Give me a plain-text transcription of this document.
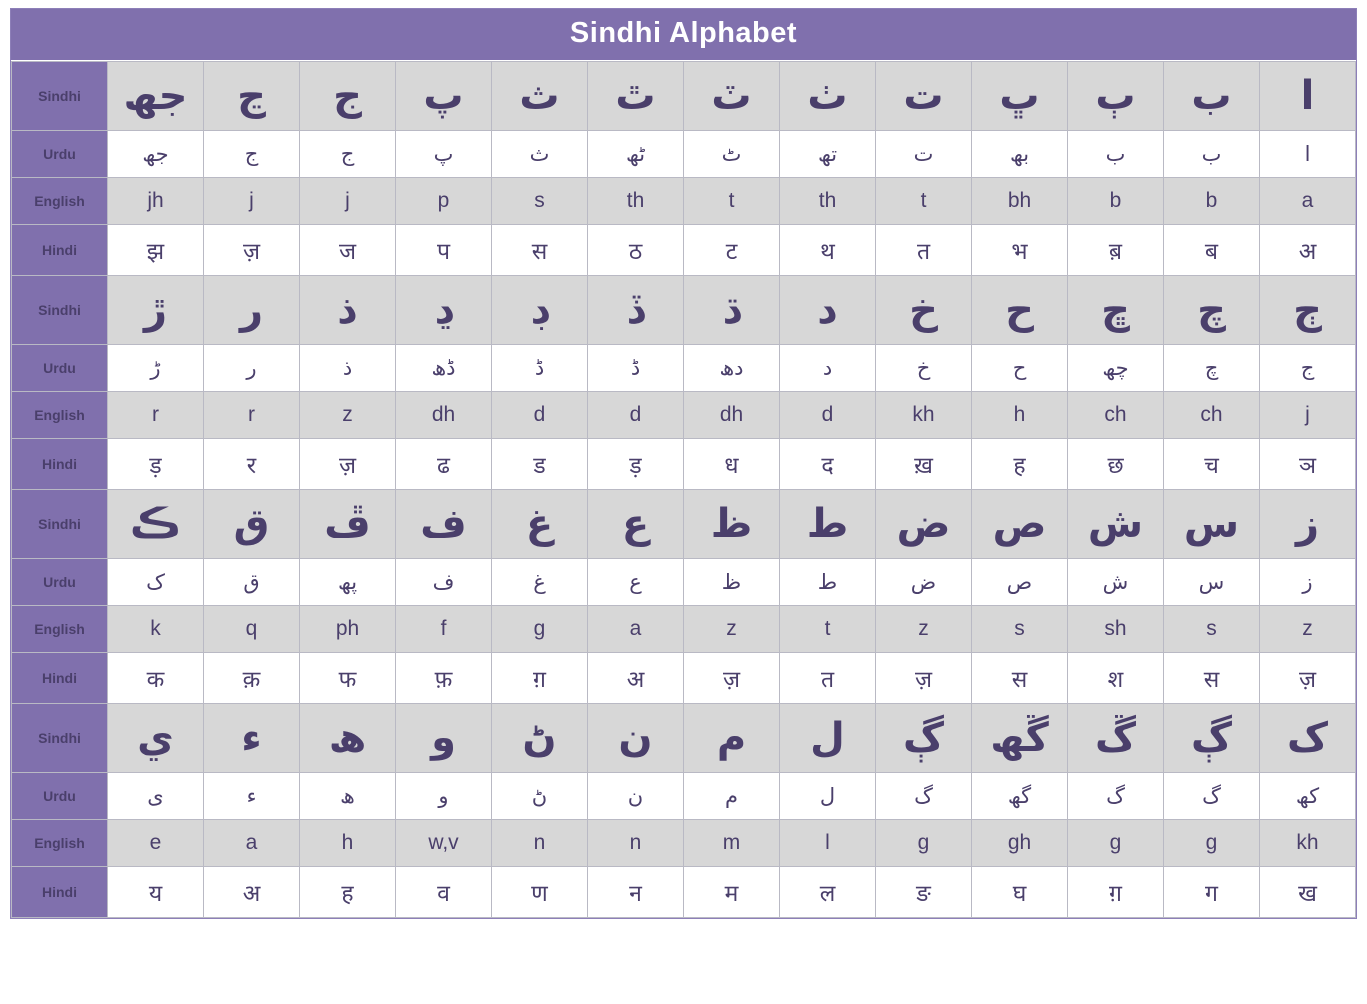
Sindhi Alphabet
Sindhi	جھ	ڃ	ج	پ	ث	ٿ	ٽ	ٺ	ت	ڀ	ٻ	ب	ا
Urdu	جھ	ج	ج	پ	ث	ٹھ	ٹ	تھ	ت	بھ	ب	ب	ا
English	jh	j	j	p	s	th	t	th	t	bh	b	b	a
Hindi	झ	ज़	ज	प	स	ठ	ट	थ	त	भ	ब़	ब	अ
Sindhi	ڙ	ر	ذ	ڍ	ڊ	ڏ	ڌ	د	خ	ح	ڇ	چ	ڄ
Urdu	ڑ	ر	ذ	ڈھ	ڈ	ڈ	دھ	د	خ	ح	چھ	چ	ج
English	r	r	z	dh	d	d	dh	d	kh	h	ch	ch	j
Hindi	ड़	र	ज़	ढ	ड	ड़	ध	द	ख़	ह	छ	च	ञ
Sindhi	ڪ	ق	ڦ	ف	غ	ع	ظ	ط	ض	ص	ش	س	ز
Urdu	ک	ق	پھ	ف	غ	ع	ظ	ط	ض	ص	ش	س	ز
English	k	q	ph	f	g	a	z	t	z	s	sh	s	z
Hindi	क	क़	फ	फ़	ग़	अ	ज़	त	ज़	स	श	स	ज़
Sindhi	ي	ء	ھ	و	ڻ	ن	م	ل	ڳ	ڱھ	ڱ	ڳ	ک
Urdu	ی	ء	ھ	و	ڻ	ن	م	ل	گ	گھ	گ	گ	کھ
English	e	a	h	w,v	n	n	m	l	g	gh	g	g	kh
Hindi	य	अ	ह	व	ण	न	म	ल	ङ	घ	ग़	ग	ख
